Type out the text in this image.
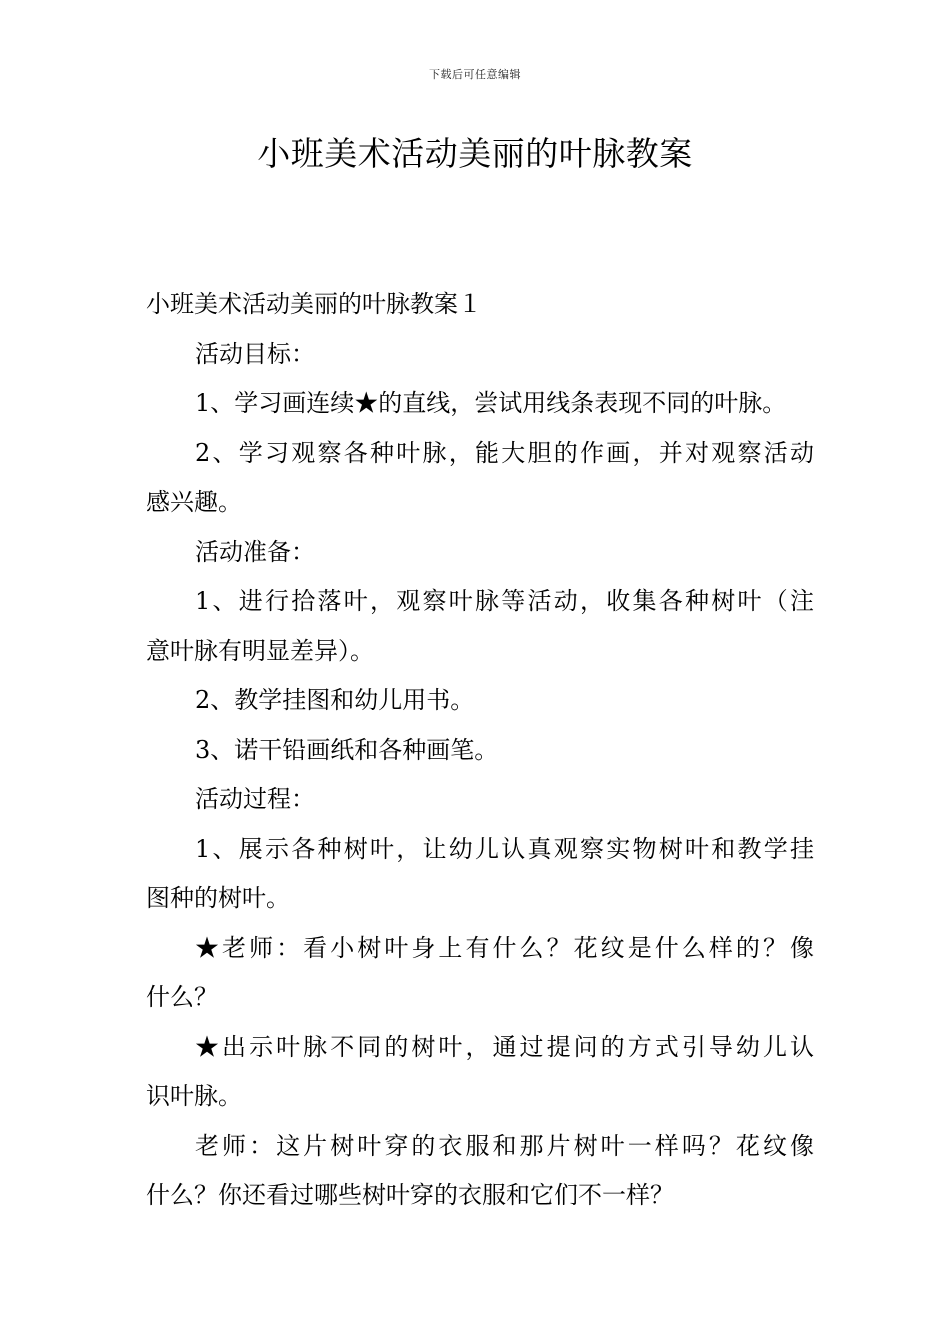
下载后可任意编辑
小班美术活动美丽的叶脉教案

小班美术活动美丽的叶脉教案１

活动目标：

1、学习画连续★的直线，尝试用线条表现不同的叶脉。

2、学习观察各种叶脉，能大胆的作画，并对观察活动

感兴趣。

活动准备：

1、进行拾落叶，观察叶脉等活动，收集各种树叶（注

意叶脉有明显差异）。

2、教学挂图和幼儿用书。

3、诺干铅画纸和各种画笔。

活动过程：

1、展示各种树叶，让幼儿认真观察实物树叶和教学挂

图种的树叶。

★老师：看小树叶身上有什么？花纹是什么样的？像

什么？

★出示叶脉不同的树叶，通过提问的方式引导幼儿认

识叶脉。

老师：这片树叶穿的衣服和那片树叶一样吗？花纹像

什么？你还看过哪些树叶穿的衣服和它们不一样？
